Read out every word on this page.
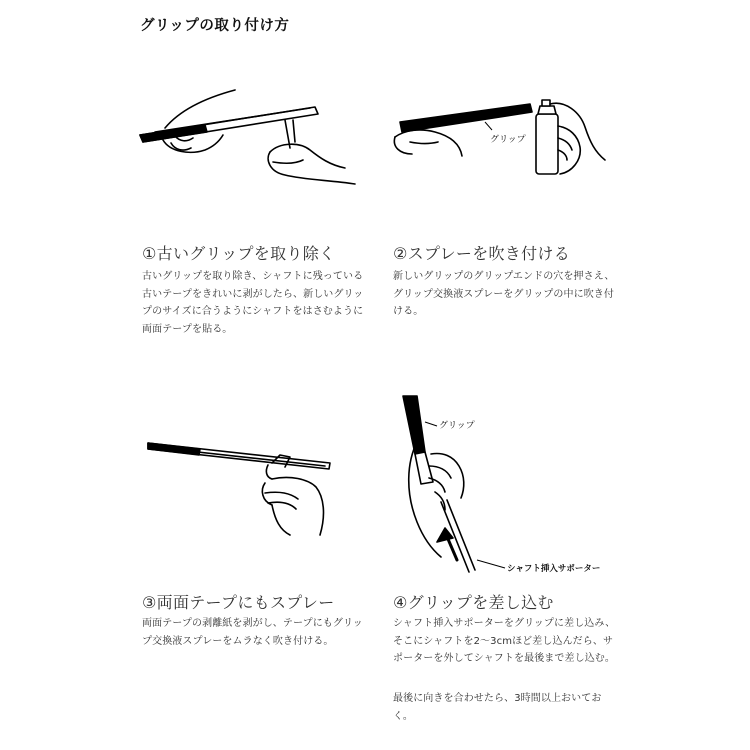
グリップの取り付け方
①古いグリップを取り除く

古いグリップを取り除き、シャフトに残っている古いテープをきれいに剥がしたら、新しいグリップのサイズに合うようにシャフトをはさむように両面テープを貼る。

グリップ
②スプレーを吹き付ける

新しいグリップのグリップエンドの穴を押さえ、グリップ交換液スプレーをグリップの中に吹き付ける。

③両面テープにもスプレー

両面テープの剥離紙を剥がし、テープにもグリップ交換液スプレーをムラなく吹き付ける。

グリップ
シャフト挿入サポーター
④グリップを差し込む

シャフト挿入サポーターをグリップに差し込み、そこにシャフトを2〜3cmほど差し込んだら、サポーターを外してシャフトを最後まで差し込む。

最後に向きを合わせたら、3時間以上おいておく。
